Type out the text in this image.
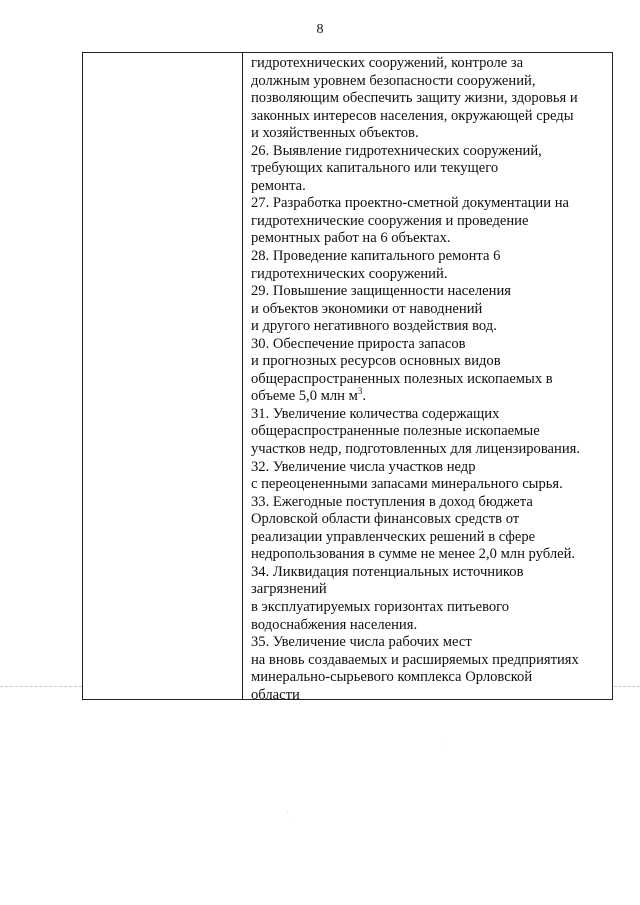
8
гидротехнических сооружений, контроле за
должным уровнем безопасности сооружений,
позволяющим обеспечить защиту жизни, здоровья и
законных интересов населения, окружающей среды
и хозяйственных объектов.
26. Выявление гидротехнических сооружений,
требующих капитального или текущего
ремонта.
27. Разработка проектно-сметной документации на
гидротехнические сооружения и проведение
ремонтных работ на 6 объектах.
28. Проведение капитального ремонта 6
гидротехнических сооружений.
29. Повышение защищенности населения
и объектов экономики от наводнений
и другого негативного воздействия вод.
30. Обеспечение прироста запасов
и прогнозных ресурсов основных видов
общераспространенных полезных ископаемых в
объеме 5,0 млн $м^3$.
31. Увеличение количества содержащих
общераспространенные полезные ископаемые
участков недр, подготовленных для лицензирования.
32. Увеличение числа участков недр
с переоцененными запасами минерального сырья.
33. Ежегодные поступления в доход бюджета
Орловской области финансовых средств от
реализации управленческих решений в сфере
недропользования в сумме не менее 2,0 млн рублей.
34. Ликвидация потенциальных источников
загрязнений
в эксплуатируемых горизонтах питьевого
водоснабжения населения.
35. Увеличение числа рабочих мест
на вновь создаваемых и расширяемых предприятиях
минерально-сырьевого комплекса Орловской
области
·
·
·
